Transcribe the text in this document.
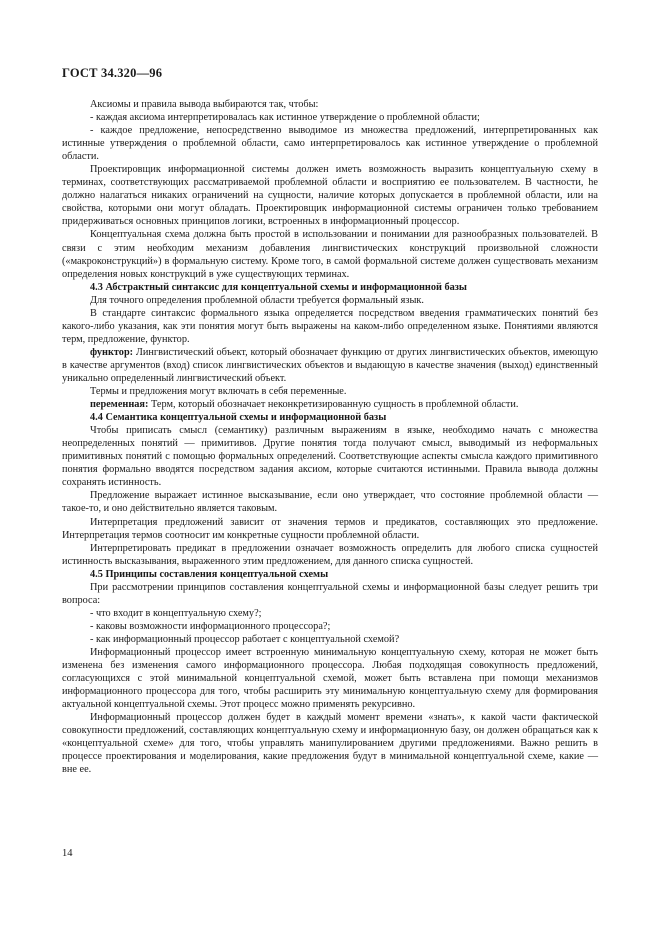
ГОСТ 34.320—96

Аксиомы и правила вывода выбираются так, чтобы:

- каждая аксиома интерпретировалась как истинное утверждение о проблемной области;

- каждое предложение, непосредственно выводимое из множества предложений, интерпретированных как истинные утверждения о проблемной области, само интерпретировалось как истинное утверждение о проблемной области.

Проектировщик информационной системы должен иметь возможность выразить концептуальную схему в терминах, соответствующих рассматриваемой проблемной области и восприятию ее пользователем. В частности, he должно налагаться никаких ограничений на сущности, наличие которых допускается в проблемной области, или на свойства, которыми они могут обладать. Проектировщик информационной системы ограничен только требованием придерживаться основных принципов логики, встроенных в информационный процессор.

Концептуальная схема должна быть простой в использовании и понимании для разнообразных пользователей. В связи с этим необходим механизм добавления лингвистических конструкций произвольной сложности («макроконструкций») в формальную систему. Кроме того, в самой формальной системе должен существовать механизм определения новых конструкций в уже существующих терминах.

4.3 Абстрактный синтаксис для концептуальной схемы и информационной базы

Для точного определения проблемной области требуется формальный язык.

В стандарте синтаксис формального языка определяется посредством введения грамматических понятий без какого-либо указания, как эти понятия могут быть выражены на каком-либо определенном языке. Понятиями являются терм, предложение, функтор.

функтор: Лингвистический объект, который обозначает функцию от других лингвистических объектов, имеющую в качестве аргументов (вход) список лингвистических объектов и выдающую в качестве значения (выход) единственный уникально определенный лингвистический объект.

Термы и предложения могут включать в себя переменные.

переменная: Терм, который обозначает неконкретизированную сущность в проблемной области.

4.4 Семантика концептуальной схемы и информационной базы

Чтобы приписать смысл (семантику) различным выражениям в языке, необходимо начать с множества неопределенных понятий — примитивов. Другие понятия тогда получают смысл, выводимый из неформальных примитивных понятий с помощью формальных определений. Соответствующие аспекты смысла каждого примитивного понятия формально вводятся посредством задания аксиом, которые считаются истинными. Правила вывода должны сохранять истинность.

Предложение выражает истинное высказывание, если оно утверждает, что состояние проблемной области — такое-то, и оно действительно является таковым.

Интерпретация предложений зависит от значения термов и предикатов, составляющих это предложение. Интерпретация термов соотносит им конкретные сущности проблемной области.

Интерпретировать предикат в предложении означает возможность определить для любого списка сущностей истинность высказывания, выраженного этим предложением, для данного списка сущностей.

4.5 Принципы составления концептуальной схемы

При рассмотрении принципов составления концептуальной схемы и информационной базы следует решить три вопроса:

- что входит в концептуальную схему?;

- каковы возможности информационного процессора?;

- как информационный процессор работает с концептуальной схемой?

Информационный процессор имеет встроенную минимальную концептуальную схему, которая не может быть изменена без изменения самого информационного процессора. Любая подходящая совокупность предложений, согласующихся с этой минимальной концептуальной схемой, может быть вставлена при помощи механизмов информационного процессора для того, чтобы расширить эту минимальную концептуальную схему для формирования актуальной концептуальной схемы. Этот процесс можно применять рекурсивно.

Информационный процессор должен будет в каждый момент времени «знать», к какой части фактической совокупности предложений, составляющих концептуальную схему и информационную базу, он должен обращаться как к «концептуальной схеме» для того, чтобы управлять манипулированием другими предложениями. Важно решить в процессе проектирования и моделирования, какие предложения будут в минимальной концептуальной схеме, какие — вне ее.

14
